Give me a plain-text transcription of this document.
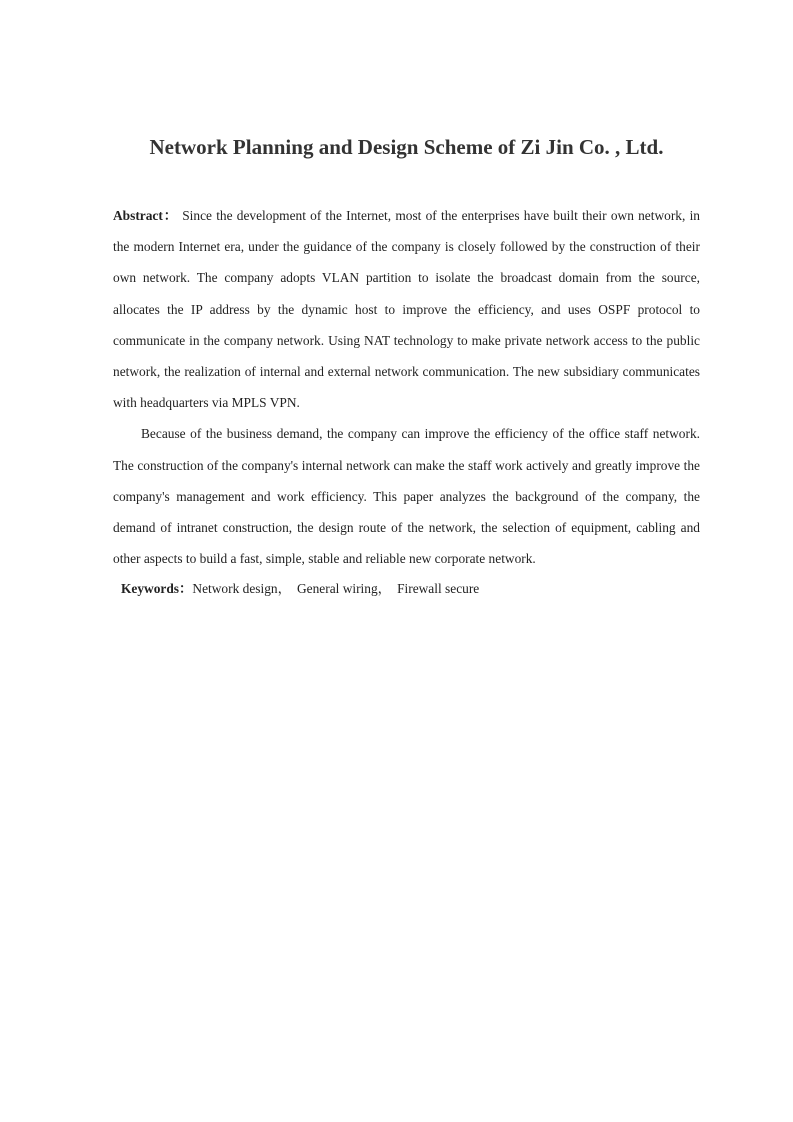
Network Planning and Design Scheme of Zi Jin Co. , Ltd.

Abstract： Since the development of the Internet, most of the enterprises have built their own network, in the modern Internet era, under the guidance of the company is closely followed by the construction of their own network. The company adopts VLAN partition to isolate the broadcast domain from the source, allocates the IP address by the dynamic host to improve the efficiency, and uses OSPF protocol to communicate in the company network. Using NAT technology to make private network access to the public network, the realization of internal and external network communication. The new subsidiary communicates with headquarters via MPLS VPN.

Because of the business demand, the company can improve the efficiency of the office staff network. The construction of the company's internal network can make the staff work actively and greatly improve the company's management and work efficiency. This paper analyzes the background of the company, the demand of intranet construction, the design route of the network, the selection of equipment, cabling and other aspects to build a fast, simple, stable and reliable new corporate network.

Keywords：Network design， General wiring， Firewall secure
